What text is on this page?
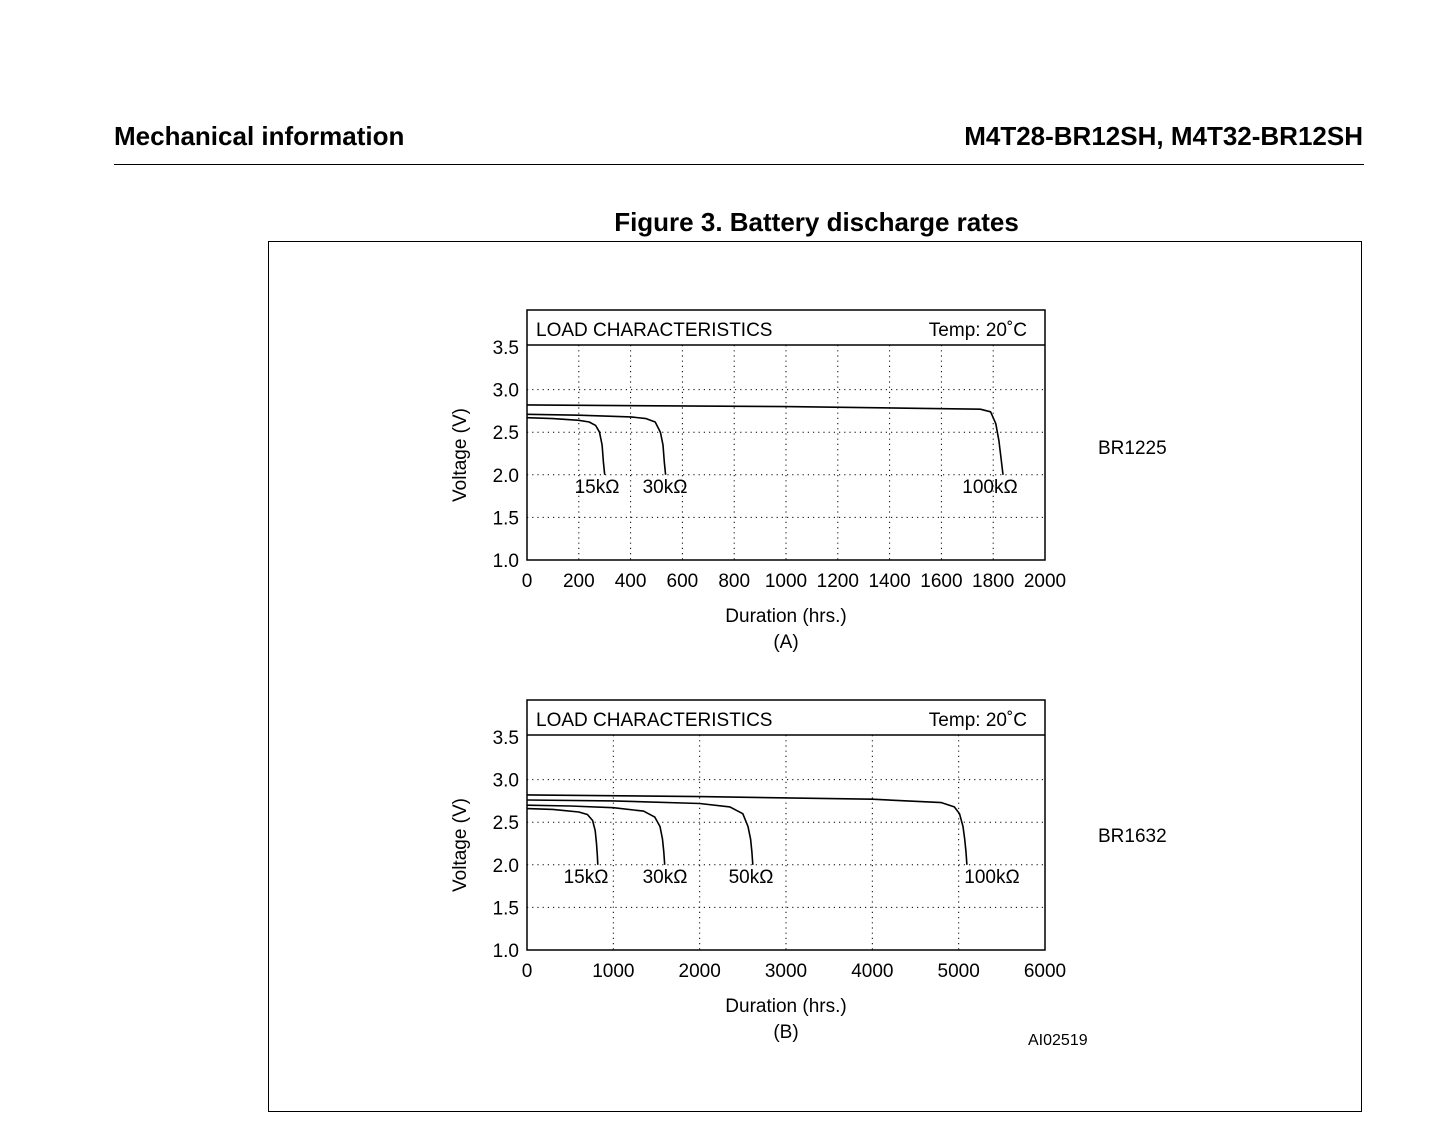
Mechanical information	M4T28-BR12SH, M4T32-BR12SH
Figure 3. Battery discharge rates
LOAD CHARACTERISTICS	Temp: 20˚C
0 200 400 600 800 1000 1200 1400 1600 1800 2000
1.0
1.5
2.0
2.5
3.0
3.5
Duration (hrs.)
(A)
Voltage (V)	BR1225
15kΩ 30kΩ	100kΩ
LOAD CHARACTERISTICS	Temp: 20˚C
0	1000 2000 3000 4000 5000 6000
1.0
1.5
2.0
2.5
3.0
3.5
Duration (hrs.)
(B)
Voltage (V)	BR1632
15kΩ 30kΩ 50kΩ	100kΩ
AI02519
